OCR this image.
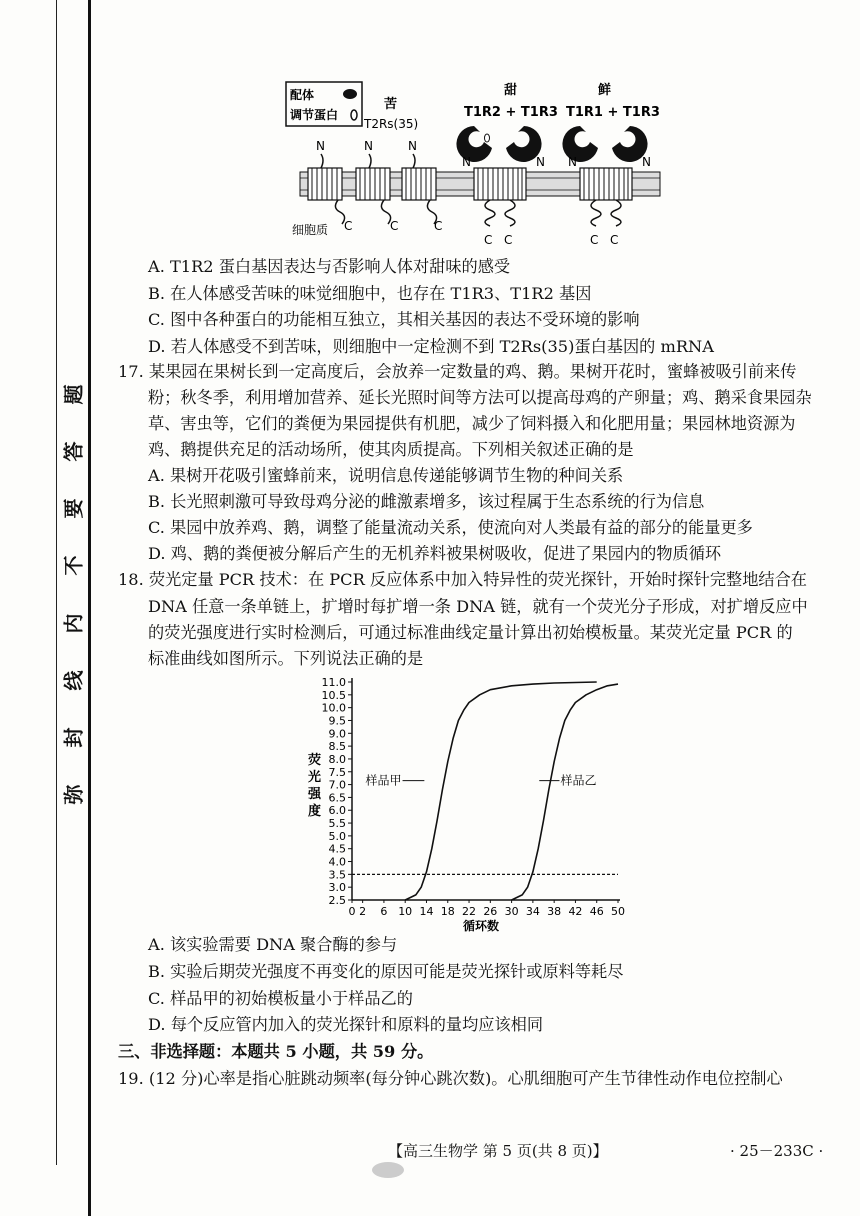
题
答
要
不
内
线
封
弥
配体
调节蛋白
苦
T2Rs(35)
甜
T1R2 + T1R3
鲜
T1R1 + T1R3
N
C
N
C
N
C
细胞质
N	N
C C
N	N
C C
A. T1R2 蛋白基因表达与否影响人体对甜味的感受
B. 在人体感受苦味的味觉细胞中，也存在 T1R3、T1R2 基因
C. 图中各种蛋白的功能相互独立，其相关基因的表达不受环境的影响
D. 若人体感受不到苦味，则细胞中一定检测不到 T2Rs(35)蛋白基因的 mRNA
17. 某果园在果树长到一定高度后，会放养一定数量的鸡、鹅。果树开花时，蜜蜂被吸引前来传
粉；秋冬季，利用增加营养、延长光照时间等方法可以提高母鸡的产卵量；鸡、鹅采食果园杂
草、害虫等，它们的粪便为果园提供有机肥，减少了饲料摄入和化肥用量；果园林地资源为
鸡、鹅提供充足的活动场所，使其肉质提高。下列相关叙述正确的是
A. 果树开花吸引蜜蜂前来，说明信息传递能够调节生物的种间关系
B. 长光照刺激可导致母鸡分泌的雌激素增多，该过程属于生态系统的行为信息
C. 果园中放养鸡、鹅，调整了能量流动关系，使流向对人类最有益的部分的能量更多
D. 鸡、鹅的粪便被分解后产生的无机养料被果树吸收，促进了果园内的物质循环
18. 荧光定量 PCR 技术：在 PCR 反应体系中加入特异性的荧光探针，开始时探针完整地结合在
DNA 任意一条单链上，扩增时每扩增一条 DNA 链，就有一个荧光分子形成，对扩增反应中
的荧光强度进行实时检测后，可通过标准曲线定量计算出初始模板量。某荧光定量 PCR 的
标准曲线如图所示。下列说法正确的是
A. 该实验需要 DNA 聚合酶的参与
B. 实验后期荧光强度不再变化的原因可能是荧光探针或原料等耗尽
C. 样品甲的初始模板量小于样品乙的
D. 每个反应管内加入的荧光探针和原料的量均应该相同
三、非选择题：本题共 5 小题，共 59 分。
19. (12 分)心率是指心脏跳动频率(每分钟心跳次数)。心肌细胞可产生节律性动作电位控制心
2.5
3.0
3.5
4.0
4.5
5.0
5.5
6.0
6.5
7.0
7.5
8.0
8.5
9.0
9.5
10.0
10.5
11.0
0 2 6 10 14 18 22 26 30 34 38 42 46 50
样品甲	样品乙
荧光强度
循环数
【高三生物学 第 5 页(共 8 页)】	· 25－233C ·
